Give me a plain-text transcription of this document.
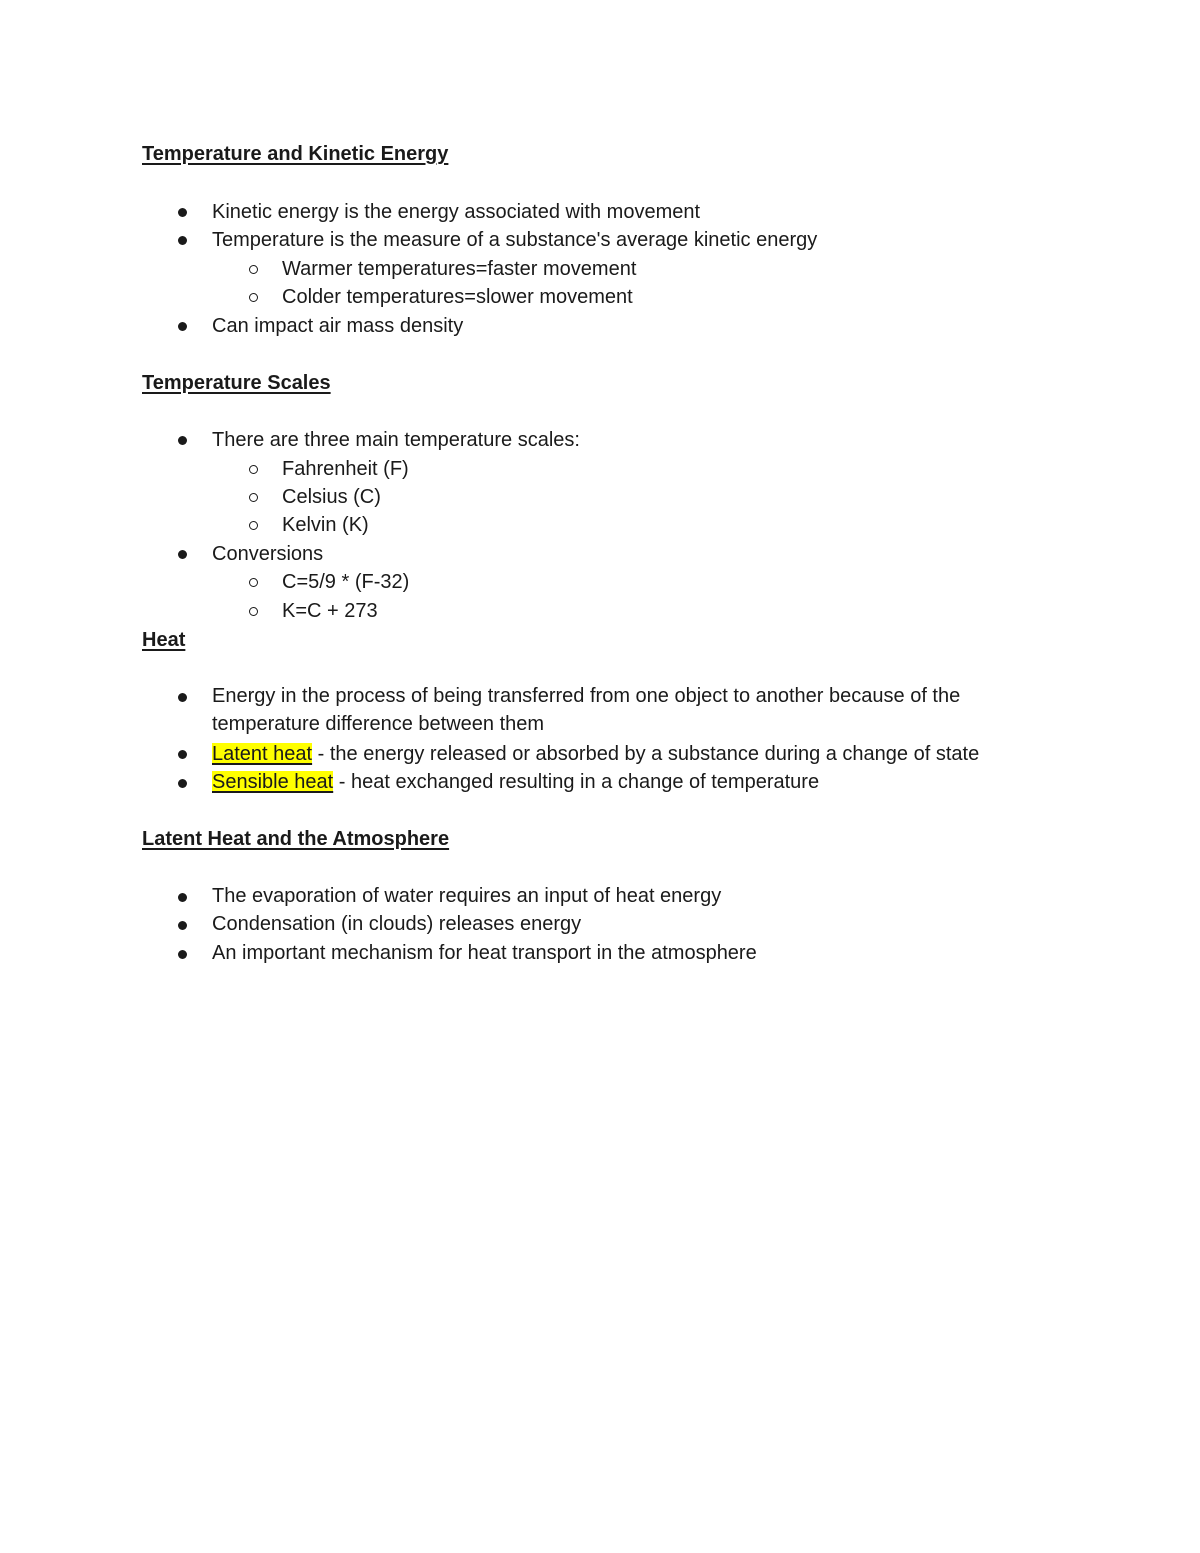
Temperature and Kinetic Energy
Kinetic energy is the energy associated with movement
Temperature is the measure of a substance's average kinetic energy
Warmer temperatures=faster movement
Colder temperatures=slower movement
Can impact air mass density
Temperature Scales
There are three main temperature scales:
Fahrenheit (F)
Celsius (C)
Kelvin (K)
Conversions
C=5/9 * (F-32)
K=C + 273
Heat
Energy in the process of being transferred from one object to another because of the temperature difference between them
Latent heat - the energy released or absorbed by a substance during a change of state
Sensible heat - heat exchanged resulting in a change of temperature
Latent Heat and the Atmosphere
The evaporation of water requires an input of heat energy
Condensation (in clouds) releases energy
An important mechanism for heat transport in the atmosphere
